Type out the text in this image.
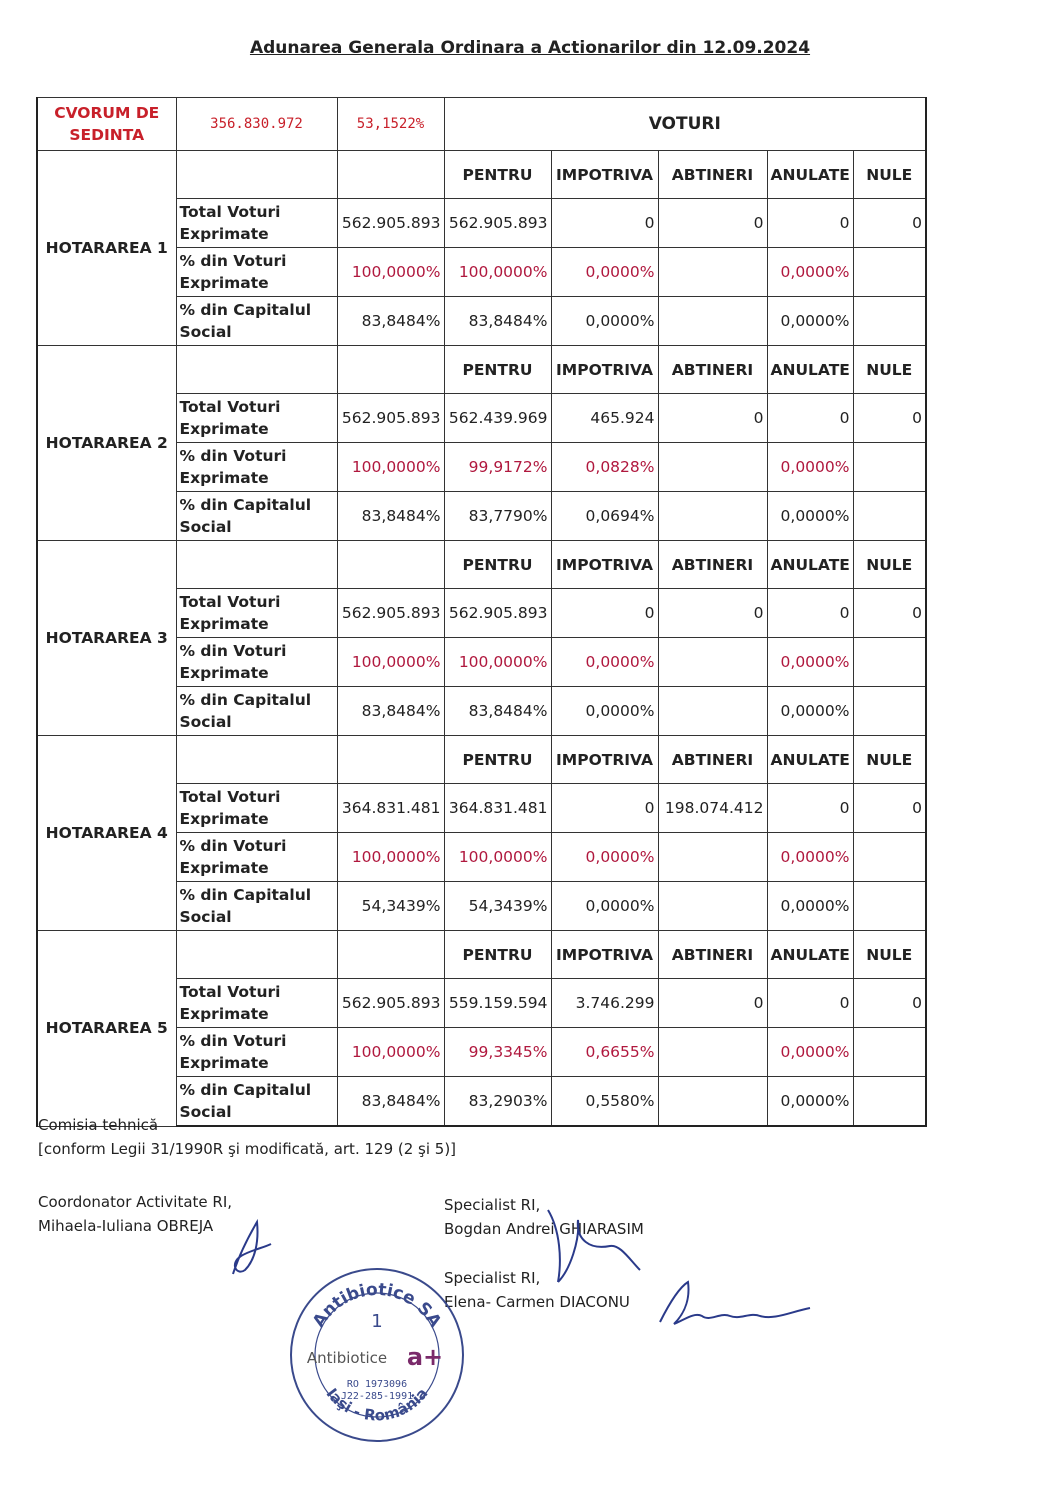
Adunarea Generala Ordinara a Actionarilor din 12.09.2024
CVORUM DE SEDINTA	356.830.972	53,1522%	VOTURI				
HOTARAREA 1			PENTRU	IMPOTRIVA	ABTINERI	ANULATE	NULE
	Total Voturi Exprimate	562.905.893	562.905.893	0	0	0	0
	% din Voturi Exprimate	100,0000%	100,0000%	0,0000%		0,0000%	
	% din Capitalul Social	83,8484%	83,8484%	0,0000%		0,0000%	
HOTARAREA 2			PENTRU	IMPOTRIVA	ABTINERI	ANULATE	NULE
	Total Voturi Exprimate	562.905.893	562.439.969	465.924	0	0	0
	% din Voturi Exprimate	100,0000%	99,9172%	0,0828%		0,0000%	
	% din Capitalul Social	83,8484%	83,7790%	0,0694%		0,0000%	
HOTARAREA 3			PENTRU	IMPOTRIVA	ABTINERI	ANULATE	NULE
	Total Voturi Exprimate	562.905.893	562.905.893	0	0	0	0
	% din Voturi Exprimate	100,0000%	100,0000%	0,0000%		0,0000%	
	% din Capitalul Social	83,8484%	83,8484%	0,0000%		0,0000%	
HOTARAREA 4			PENTRU	IMPOTRIVA	ABTINERI	ANULATE	NULE
	Total Voturi Exprimate	364.831.481	364.831.481	0	198.074.412	0	0
	% din Voturi Exprimate	100,0000%	100,0000%	0,0000%		0,0000%	
	% din Capitalul Social	54,3439%	54,3439%	0,0000%		0,0000%	
HOTARAREA 5			PENTRU	IMPOTRIVA	ABTINERI	ANULATE	NULE
	Total Voturi Exprimate	562.905.893	559.159.594	3.746.299	0	0	0
	% din Voturi Exprimate	100,0000%	99,3345%	0,6655%		0,0000%	
	% din Capitalul Social	83,8484%	83,2903%	0,5580%		0,0000%	
Comisia tehnică
[conform Legii 31/1990R şi modificată, art. 129 (2 şi 5)]
Coordonator Activitate RI,
Mihaela-Iuliana OBREJA
Specialist RI,
Bogdan Andrei GHIARASIM
Specialist RI,
Elena- Carmen DIACONU
Antibiotice SA
1
Antibiotice a+
RO 1973096
J22-285-1991
Iaşi - România
